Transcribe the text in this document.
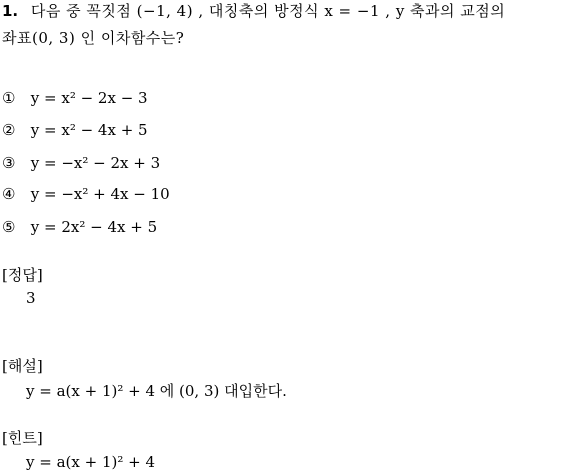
1. 다음 중 꼭짓점 (−1, 4) , 대칭축의 방정식 x = −1 , y 축과의 교점의
좌표(0, 3) 인 이차함수는?
① y = x² − 2x − 3
② y = x² − 4x + 5
③ y = −x² − 2x + 3
④ y = −x² + 4x − 10
⑤ y = 2x² − 4x + 5
[정답]
3
[해설]
y = a(x + 1)² + 4 에 (0, 3) 대입한다.
[힌트]
y = a(x + 1)² + 4
